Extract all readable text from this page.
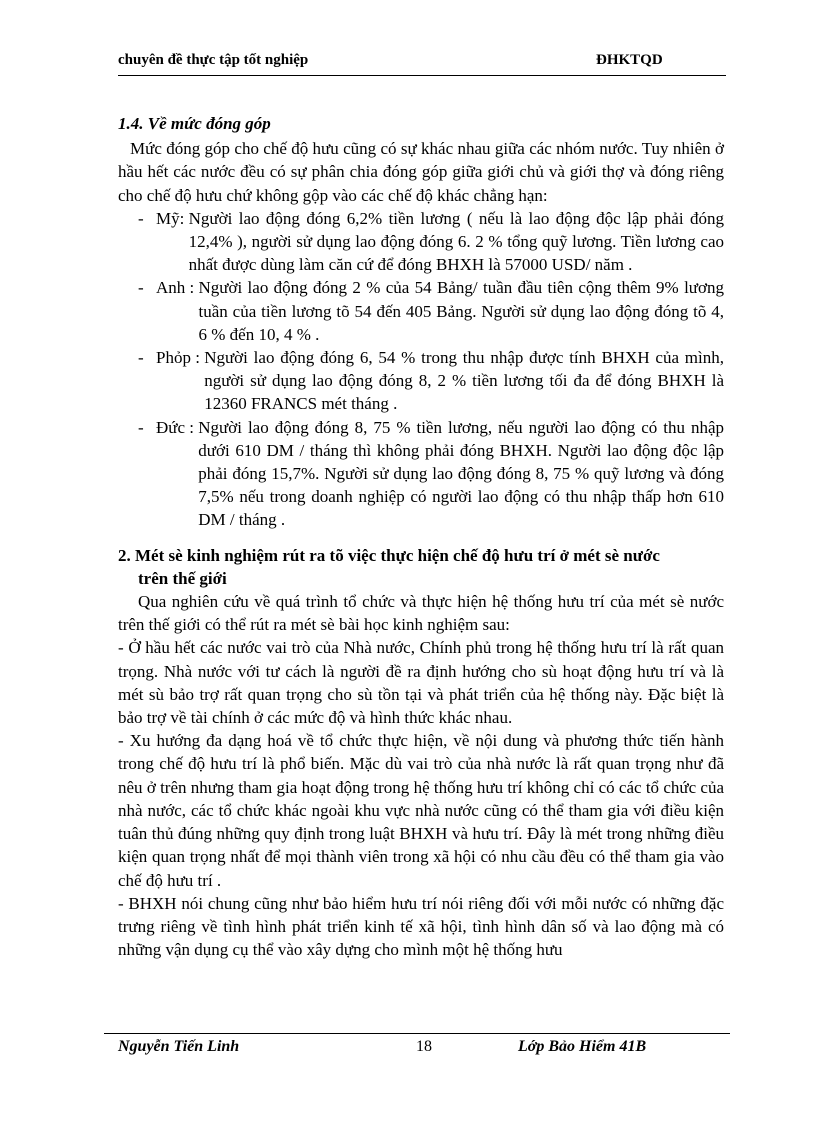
chuyên đề thực tập tốt nghiệp	ĐHKTQD
1.4. Về mức đóng góp

Mức đóng góp cho chế độ hưu cũng có sự khác nhau giữa các nhóm nước. Tuy nhiên ở hầu hết các nước đều có sự phân chia đóng góp giữa giới chủ và giới thợ và đóng riêng cho chế độ hưu chứ không gộp vào các chế độ khác chẳng hạn:

- Mỹ: Người lao động đóng 6,2% tiền lương ( nếu là lao động độc lập phải đóng 12,4% ), người sử dụng lao động đóng 6. 2 % tổng quỹ lương. Tiền lương cao nhất được dùng làm căn cứ để đóng BHXH là 57000 USD/ năm .
- Anh : Người lao động đóng 2 % của 54 Bảng/ tuần đầu tiên cộng thêm 9% lương tuần của tiền lương tõ 54 đến 405 Bảng. Người sử dụng lao động đóng tõ 4, 6 % đến 10, 4 % .
- Phỏp : Người lao động đóng 6, 54 % trong thu nhập được tính BHXH của mình, người sử dụng lao động đóng 8, 2 % tiền lương tối đa để đóng BHXH là 12360 FRANCS mét tháng .
- Đức : Người lao động đóng 8, 75 % tiền lương, nếu người lao động có thu nhập dưới 610 DM / tháng thì không phải đóng BHXH. Người lao động độc lập phải đóng 15,7%. Người sử dụng lao động đóng 8, 75 % quỹ lương và đóng 7,5% nếu trong doanh nghiệp có người lao động có thu nhập thấp hơn 610 DM / tháng .
2. Mét sè kinh nghiệm rút ra tõ việc thực hiện chế độ hưu trí ở mét sè nước
trên thế giới

Qua nghiên cứu về quá trình tổ chức và thực hiện hệ thống hưu trí của mét sè nước trên thế giới có thể rút ra mét sè bài học kinh nghiệm sau:

- Ở hầu hết các nước vai trò của Nhà nước, Chính phủ trong hệ thống hưu trí là rất quan trọng. Nhà nước với tư cách là người đề ra định hướng cho sù hoạt động hưu trí và là mét sù bảo trợ rất quan trọng cho sù tồn tại và phát triển của hệ thống này. Đặc biệt là bảo trợ về tài chính ở các mức độ và hình thức khác nhau.

- Xu hướng đa dạng hoá về tổ chức thực hiện, về nội dung và phương thức tiến hành trong chế độ hưu trí là phổ biến. Mặc dù vai trò của nhà nước là rất quan trọng như đã nêu ở trên nhưng tham gia hoạt động trong hệ thống hưu trí không chỉ có các tổ chức của nhà nước, các tổ chức khác ngoài khu vực nhà nước cũng có thể tham gia với điều kiện tuân thủ đúng những quy định trong luật BHXH và hưu trí. Đây là mét trong những điều kiện quan trọng nhất để mọi thành viên trong xã hội có nhu cầu đều có thể tham gia vào chế độ hưu trí .

- BHXH nói chung cũng như bảo hiểm hưu trí nói riêng đối với mỗi nước có những đặc trưng riêng về tình hình phát triển kinh tế xã hội, tình hình dân số và lao động mà có những vận dụng cụ thể vào xây dựng cho mình một hệ thống hưu

Nguyễn Tiến Linh	18	Lớp Bảo Hiểm 41B
